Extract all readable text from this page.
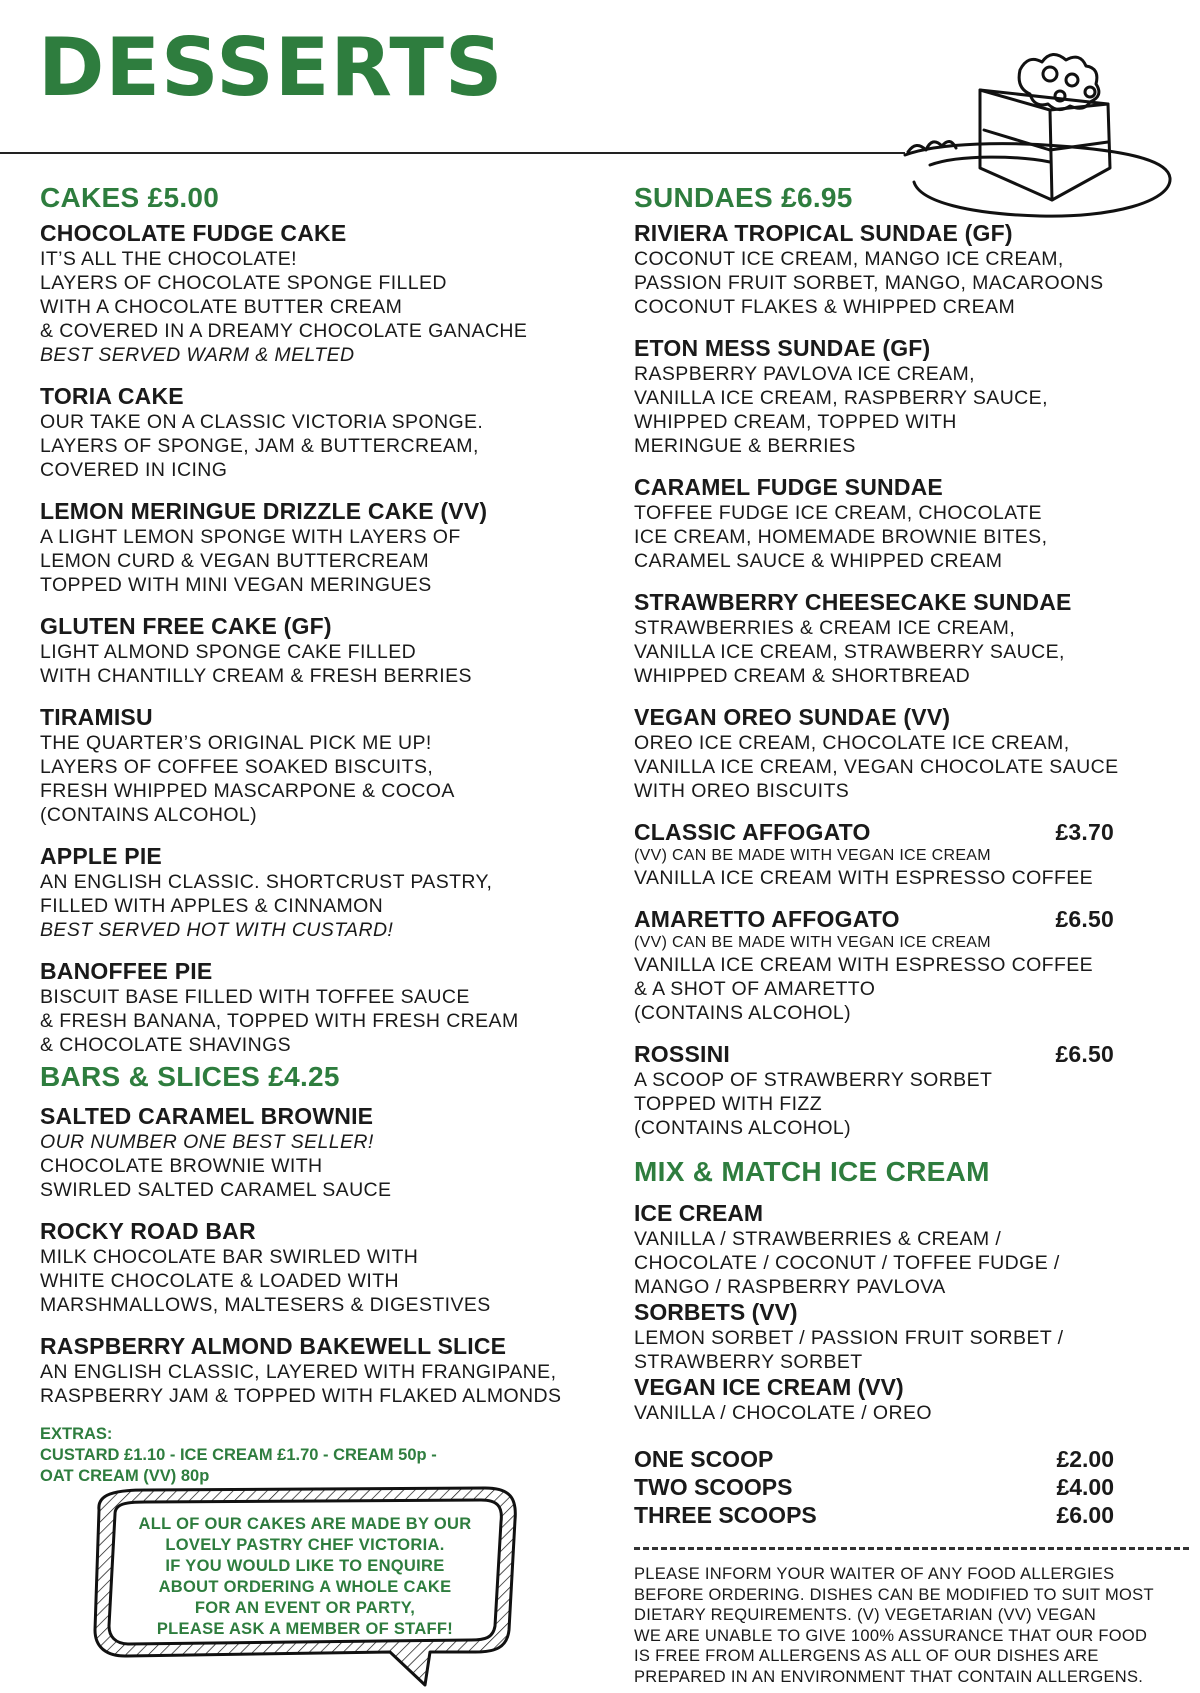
DESSERTS
CAKES £5.00
CHOCOLATE FUDGE CAKE
IT’S ALL THE CHOCOLATE!
LAYERS OF CHOCOLATE SPONGE FILLED
WITH A CHOCOLATE BUTTER CREAM
& COVERED IN A DREAMY CHOCOLATE GANACHE
BEST SERVED WARM & MELTED
TORIA CAKE
OUR TAKE ON A CLASSIC VICTORIA SPONGE.
LAYERS OF SPONGE, JAM & BUTTERCREAM,
COVERED IN ICING
LEMON MERINGUE DRIZZLE CAKE (VV)
A LIGHT LEMON SPONGE WITH LAYERS OF
LEMON CURD & VEGAN BUTTERCREAM
TOPPED WITH MINI VEGAN MERINGUES
GLUTEN FREE CAKE (GF)
LIGHT ALMOND SPONGE CAKE FILLED
WITH CHANTILLY CREAM & FRESH BERRIES
TIRAMISU
THE QUARTER’S ORIGINAL PICK ME UP!
LAYERS OF COFFEE SOAKED BISCUITS,
FRESH WHIPPED MASCARPONE & COCOA
(CONTAINS ALCOHOL)
APPLE PIE
AN ENGLISH CLASSIC. SHORTCRUST PASTRY,
FILLED WITH APPLES & CINNAMON
BEST SERVED HOT WITH CUSTARD!
BANOFFEE PIE
BISCUIT BASE FILLED WITH TOFFEE SAUCE
& FRESH BANANA, TOPPED WITH FRESH CREAM
& CHOCOLATE SHAVINGS
BARS & SLICES £4.25
SALTED CARAMEL BROWNIE
OUR NUMBER ONE BEST SELLER!
CHOCOLATE BROWNIE WITH
SWIRLED SALTED CARAMEL SAUCE
ROCKY ROAD BAR
MILK CHOCOLATE BAR SWIRLED WITH
WHITE CHOCOLATE & LOADED WITH
MARSHMALLOWS, MALTESERS & DIGESTIVES
RASPBERRY ALMOND BAKEWELL SLICE
AN ENGLISH CLASSIC, LAYERED WITH FRANGIPANE,
RASPBERRY JAM & TOPPED WITH FLAKED ALMONDS
EXTRAS:
CUSTARD £1.10 - ICE CREAM £1.70 - CREAM 50p -
OAT CREAM (VV) 80p
ALL OF OUR CAKES ARE MADE BY OUR
LOVELY PASTRY CHEF VICTORIA.
IF YOU WOULD LIKE TO ENQUIRE
ABOUT ORDERING A WHOLE CAKE
FOR AN EVENT OR PARTY,
PLEASE ASK A MEMBER OF STAFF!
SUNDAES £6.95
RIVIERA TROPICAL SUNDAE (GF)
COCONUT ICE CREAM, MANGO ICE CREAM,
PASSION FRUIT SORBET, MANGO, MACAROONS
COCONUT FLAKES & WHIPPED CREAM
ETON MESS SUNDAE (GF)
RASPBERRY PAVLOVA ICE CREAM,
VANILLA ICE CREAM, RASPBERRY SAUCE,
WHIPPED CREAM, TOPPED WITH
MERINGUE & BERRIES
CARAMEL FUDGE SUNDAE
TOFFEE FUDGE ICE CREAM, CHOCOLATE
ICE CREAM, HOMEMADE BROWNIE BITES,
CARAMEL SAUCE & WHIPPED CREAM
STRAWBERRY CHEESECAKE SUNDAE
STRAWBERRIES & CREAM ICE CREAM,
VANILLA ICE CREAM, STRAWBERRY SAUCE,
WHIPPED CREAM & SHORTBREAD
VEGAN OREO SUNDAE (VV)
OREO ICE CREAM, CHOCOLATE ICE CREAM,
VANILLA ICE CREAM, VEGAN CHOCOLATE SAUCE
WITH OREO BISCUITS
CLASSIC AFFOGATO	£3.70
(VV) CAN BE MADE WITH VEGAN ICE CREAM
VANILLA ICE CREAM WITH ESPRESSO COFFEE
AMARETTO AFFOGATO	£6.50
(VV) CAN BE MADE WITH VEGAN ICE CREAM
VANILLA ICE CREAM WITH ESPRESSO COFFEE
& A SHOT OF AMARETTO
(CONTAINS ALCOHOL)
ROSSINI	£6.50
A SCOOP OF STRAWBERRY SORBET
TOPPED WITH FIZZ
(CONTAINS ALCOHOL)
MIX & MATCH ICE CREAM
ICE CREAM
VANILLA / STRAWBERRIES & CREAM /
CHOCOLATE / COCONUT / TOFFEE FUDGE /
MANGO / RASPBERRY PAVLOVA
SORBETS (VV)
LEMON SORBET / PASSION FRUIT SORBET /
STRAWBERRY SORBET
VEGAN ICE CREAM (VV)
VANILLA / CHOCOLATE / OREO
ONE SCOOP	£2.00
TWO SCOOPS	£4.00
THREE SCOOPS	£6.00
PLEASE INFORM YOUR WAITER OF ANY FOOD ALLERGIES
BEFORE ORDERING. DISHES CAN BE MODIFIED TO SUIT MOST
DIETARY REQUIREMENTS. (V) VEGETARIAN (VV) VEGAN
WE ARE UNABLE TO GIVE 100% ASSURANCE THAT OUR FOOD
IS FREE FROM ALLERGENS AS ALL OF OUR DISHES ARE
PREPARED IN AN ENVIRONMENT THAT CONTAIN ALLERGENS.
